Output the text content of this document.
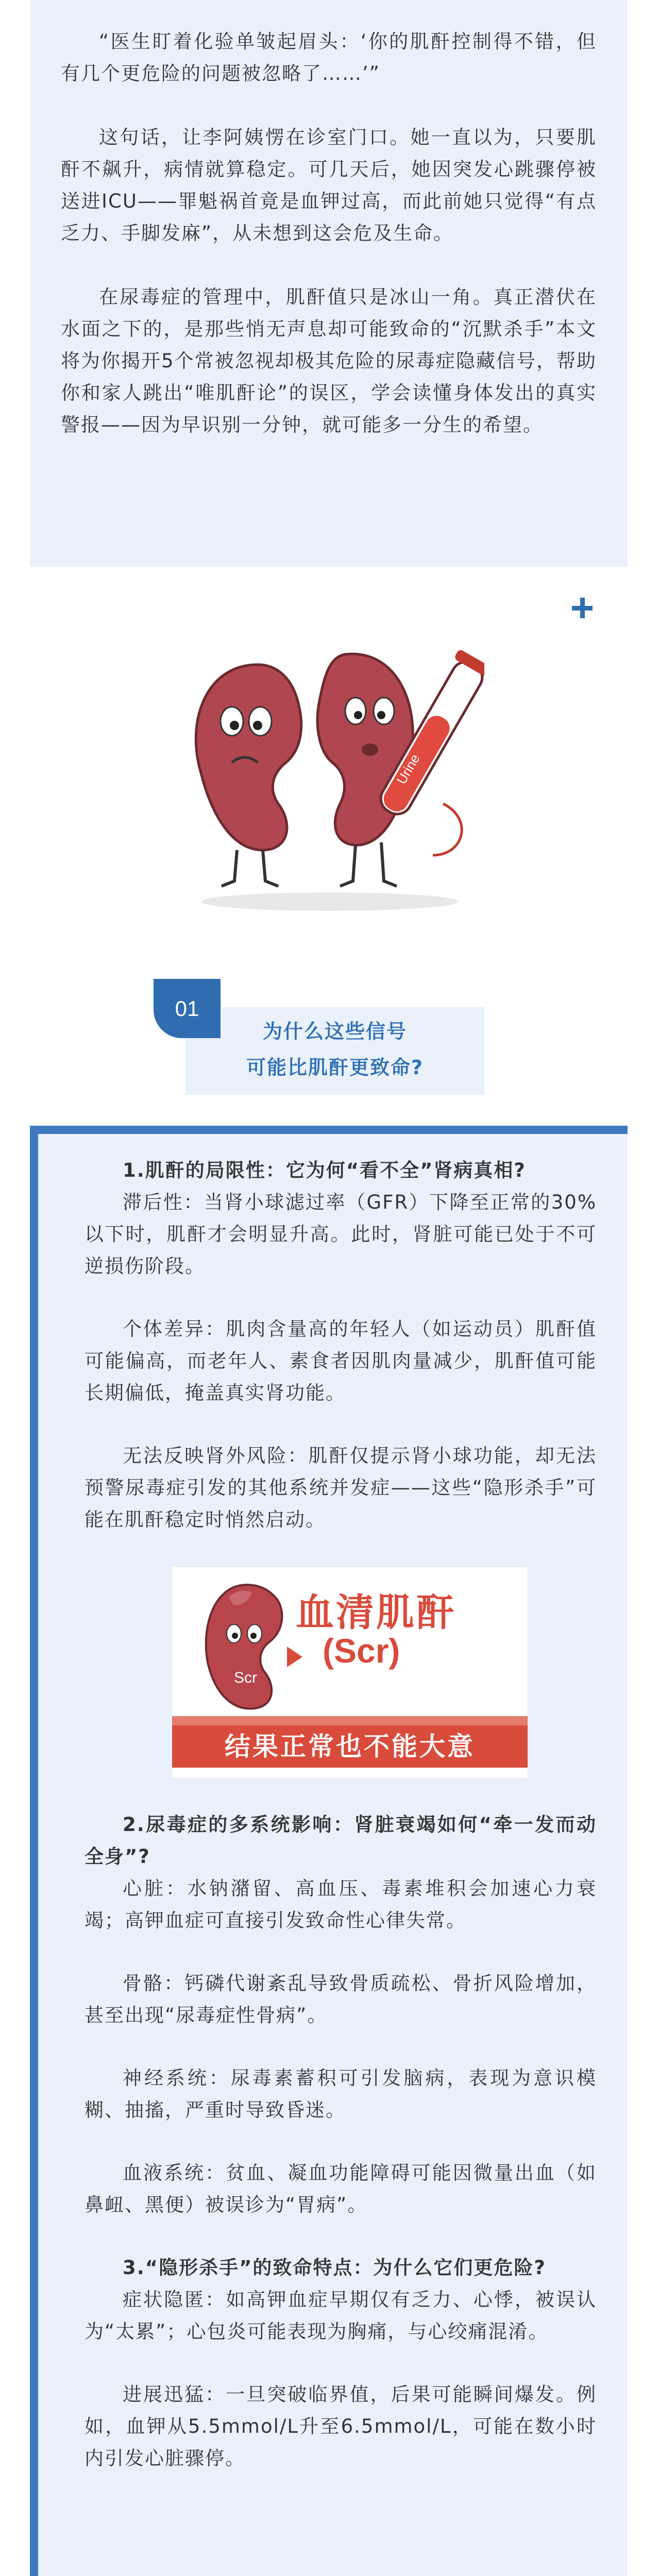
“医生盯着化验单皱起眉头：‘你的肌酐控制得不错，但有几个更危险的问题被忽略了……’”

这句话，让李阿姨愣在诊室门口。她一直以为，只要肌酐不飙升，病情就算稳定。可几天后，她因突发心跳骤停被送进ICU——罪魁祸首竟是血钾过高，而此前她只觉得“有点乏力、手脚发麻”，从未想到这会危及生命。

在尿毒症的管理中，肌酐值只是冰山一角。真正潜伏在水面之下的，是那些悄无声息却可能致命的“沉默杀手”本文将为你揭开5个常被忽视却极其危险的尿毒症隐藏信号，帮助你和家人跳出“唯肌酐论”的误区，学会读懂身体发出的真实警报——因为早识别一分钟，就可能多一分生的希望。

Urine
为什么这些信号
可能比肌酐更致命?
01

1.肌酐的局限性：它为何“看不全”肾病真相?

滞后性：当肾小球滤过率（GFR）下降至正常的30%以下时，肌酐才会明显升高。此时，肾脏可能已处于不可逆损伤阶段。

个体差异：肌肉含量高的年轻人（如运动员）肌酐值可能偏高，而老年人、素食者因肌肉量减少，肌酐值可能长期偏低，掩盖真实肾功能。

无法反映肾外风险：肌酐仅提示肾小球功能，却无法预警尿毒症引发的其他系统并发症——这些“隐形杀手”可能在肌酐稳定时悄然启动。

Scr
血清肌酐
(Scr)
结果正常也不能大意

2.尿毒症的多系统影响：肾脏衰竭如何“牵一发而动全身”?

心脏：水钠潴留、高血压、毒素堆积会加速心力衰竭；高钾血症可直接引发致命性心律失常。

骨骼：钙磷代谢紊乱导致骨质疏松、骨折风险增加，甚至出现“尿毒症性骨病”。

神经系统：尿毒素蓄积可引发脑病，表现为意识模糊、抽搐，严重时导致昏迷。

血液系统：贫血、凝血功能障碍可能因微量出血（如鼻衄、黑便）被误诊为“胃病”。

3.“隐形杀手”的致命特点：为什么它们更危险?

症状隐匿：如高钾血症早期仅有乏力、心悸，被误认为“太累”；心包炎可能表现为胸痛，与心绞痛混淆。

进展迅猛：一旦突破临界值，后果可能瞬间爆发。例如，血钾从5.5mmol/L升至6.5mmol/L，可能在数小时内引发心脏骤停。
